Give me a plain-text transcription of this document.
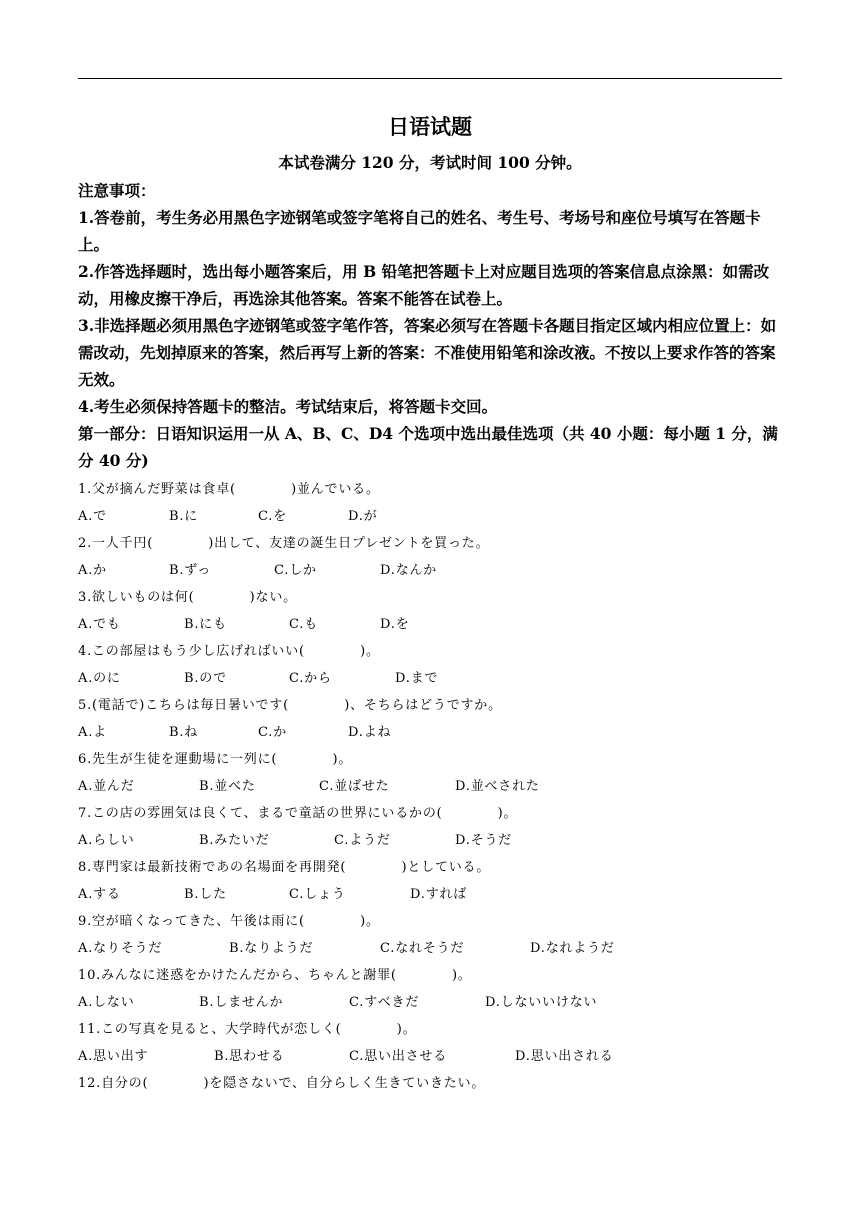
日语试题
本试卷满分 120 分，考试时间 100 分钟。

注意事项：

1.答卷前，考生务必用黑色字迹钢笔或签字笔将自己的姓名、考生号、考场号和座位号填写在答题卡上。

2.作答选择题时，选出每小题答案后，用 B 铅笔把答题卡上对应题目选项的答案信息点涂黑：如需改动，用橡皮擦干净后，再选涂其他答案。答案不能答在试卷上。

3.非选择题必须用黑色字迹钢笔或签字笔作答，答案必须写在答题卡各题目指定区域内相应位置上：如需改动，先划掉原来的答案，然后再写上新的答案：不准使用铅笔和涂改液。不按以上要求作答的答案无效。

4.考生必须保持答题卡的整洁。考试结束后，将答题卡交回。

第一部分：日语知识运用一从 A、B、C、D4 个选项中选出最佳选项（共 40 小题：每小题 1 分，满分 40 分)

1.父が摘んだ野菜は食卓(　　　　)並んでいる。
A.で	B.に	C.を	D.が
2.一人千円(　　　　)出して、友達の誕生日プレゼントを買った。
A.か	B.ずっ	C.しか	D.なんか
3.欲しいものは何(　　　　)ない。
A.でも	B.にも	C.も	D.を
4.この部屋はもう少し広げればいい(　　　　)。
A.のに	B.ので	C.から	D.まで
5.(電話で)こちらは毎日暑いです(　　　　)、そちらはどうですか。
A.よ	B.ね	C.か	D.よね
6.先生が生徒を運動場に一列に(　　　　)。
A.並んだ	B.並べた	C.並ばせた	D.並べされた
7.この店の雰囲気は良くて、まるで童話の世界にいるかの(　　　　)。
A.らしい	B.みたいだ	C.ようだ	D.そうだ
8.専門家は最新技術であの名場面を再開発(　　　　)としている。
A.する	B.した	C.しょう	D.すれば
9.空が暗くなってきた、午後は雨に(　　　　)。
A.なりそうだ	B.なりようだ	C.なれそうだ	D.なれようだ
10.みんなに迷惑をかけたんだから、ちゃんと謝罪(　　　　)。
A.しない	B.しませんか	C.すべきだ	D.しないいけない
11.この写真を見ると、大学時代が恋しく(　　　　)。
A.思い出す	B.思わせる	C.思い出させる	D.思い出される
12.自分の(　　　　)を隠さないで、自分らしく生きていきたい。
